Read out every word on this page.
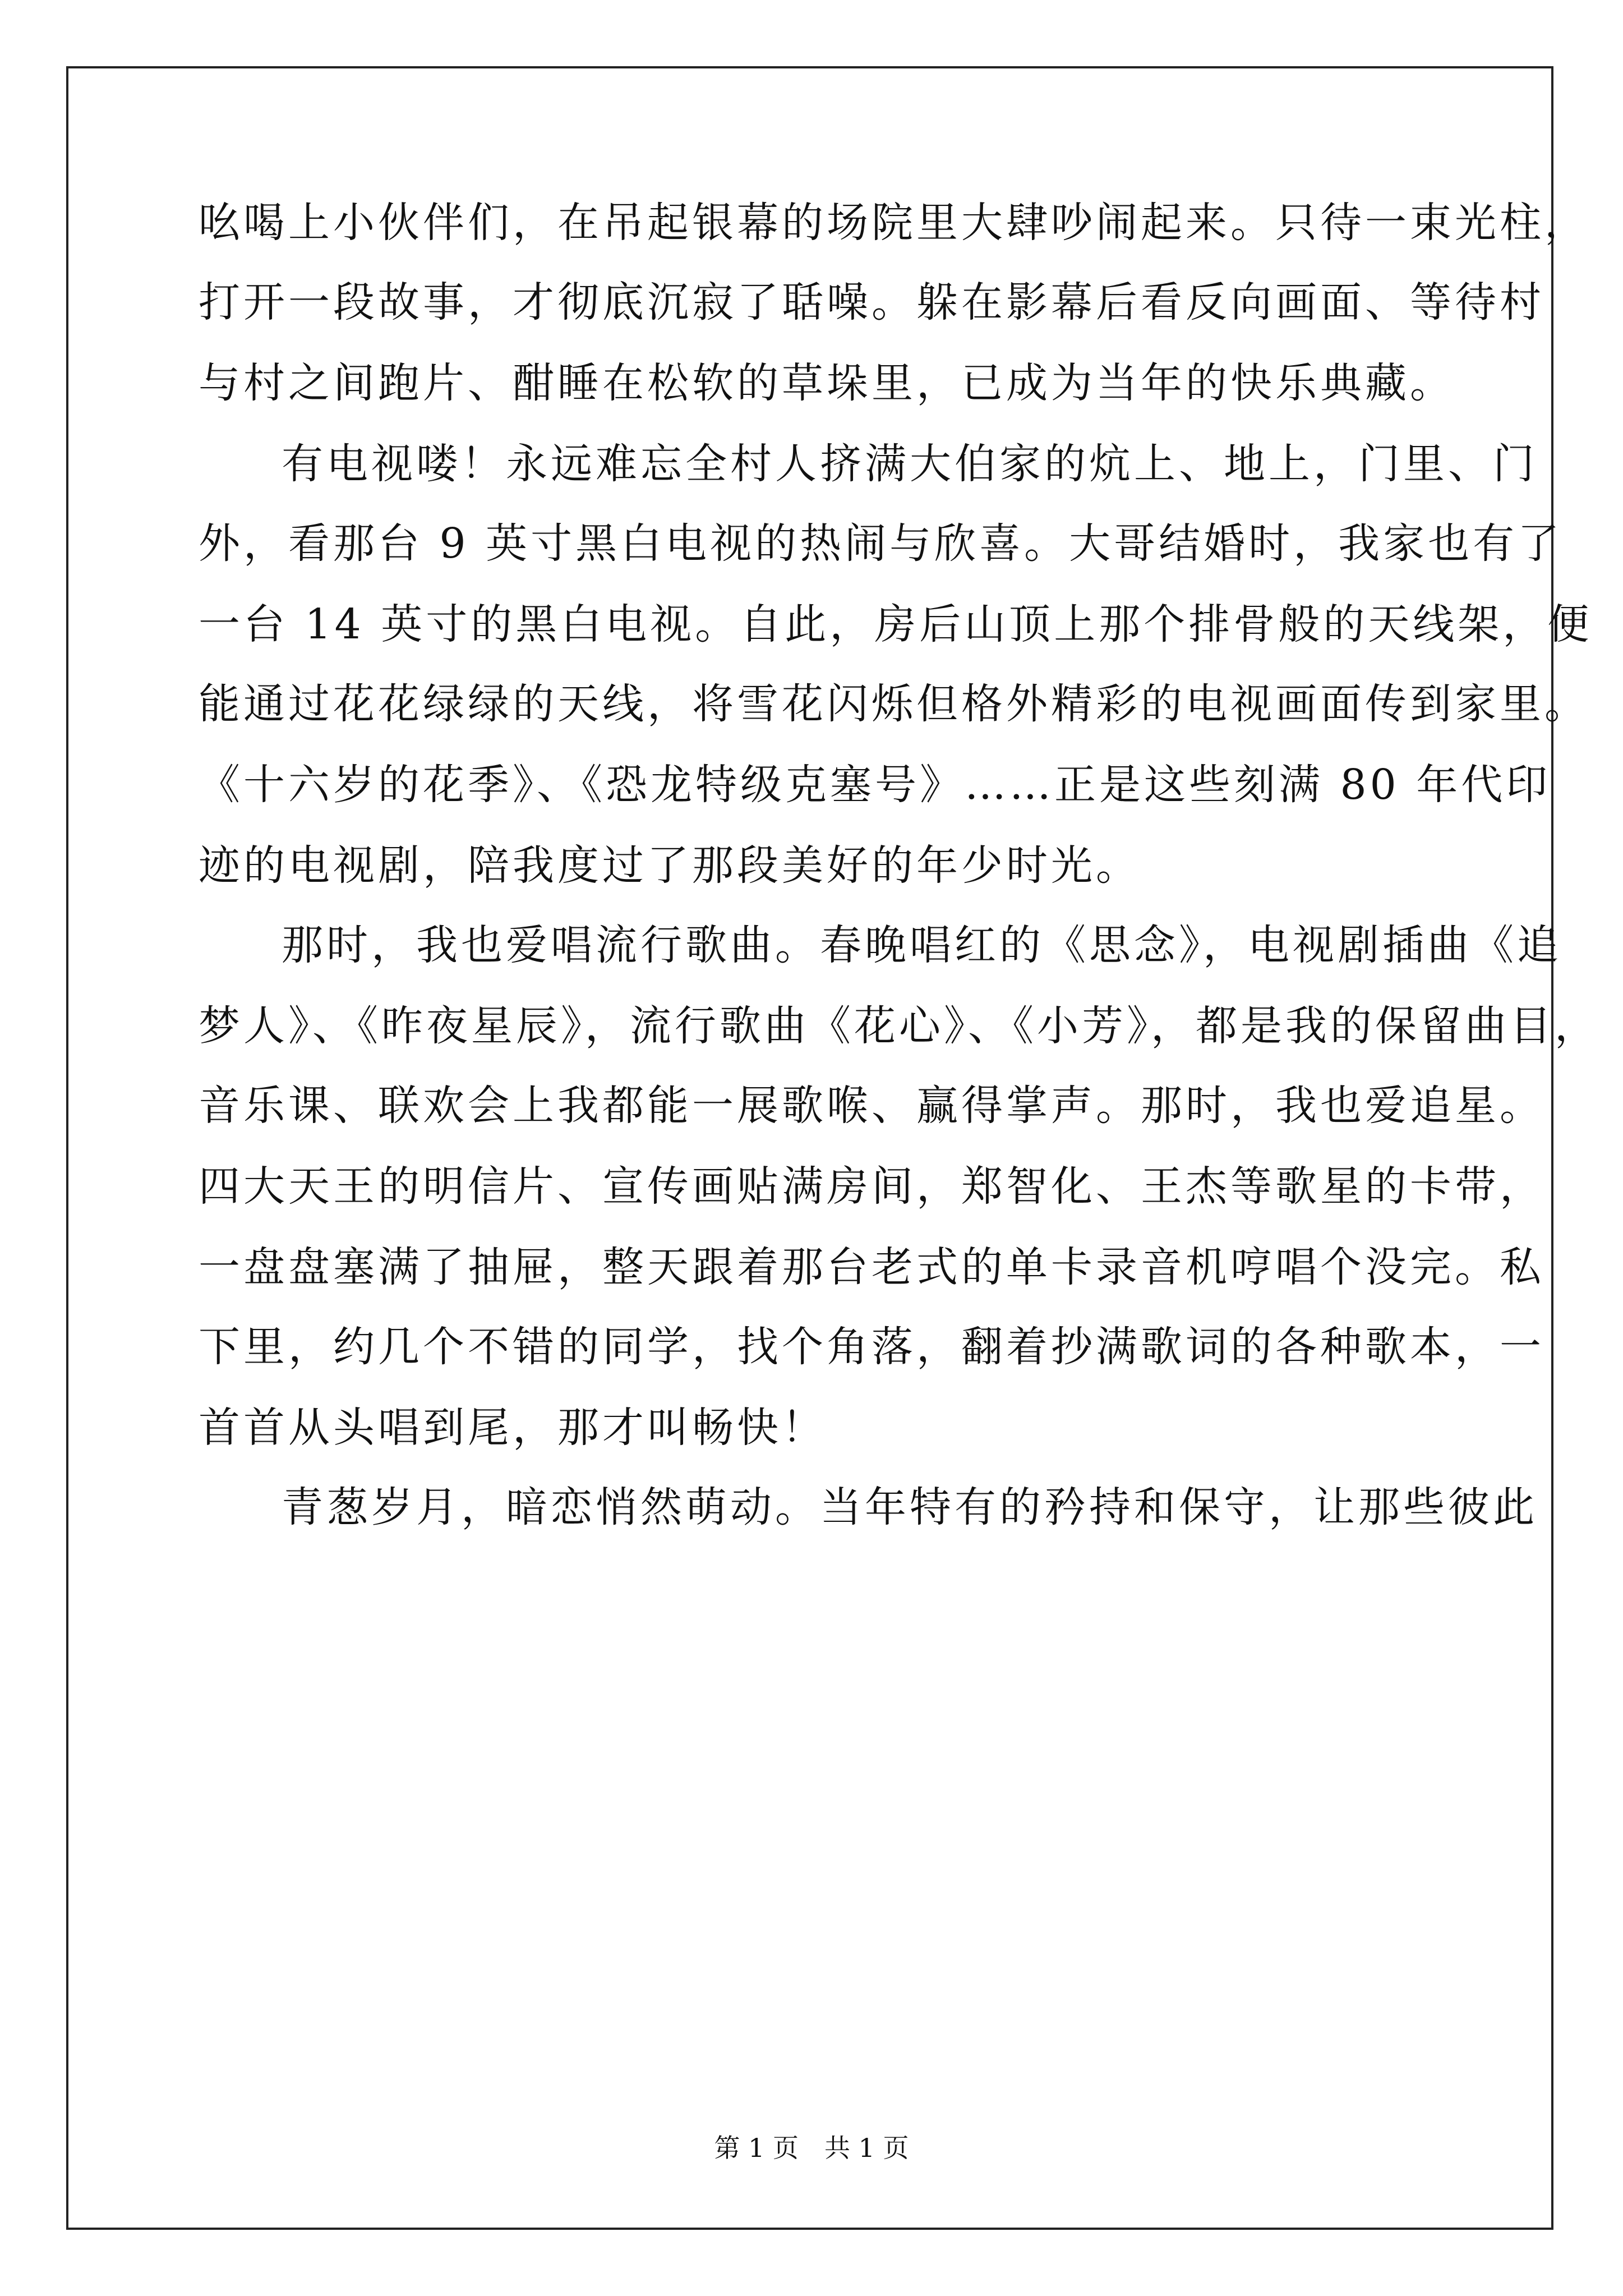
吆喝上小伙伴们，在吊起银幕的场院里大肆吵闹起来。只待一束光柱，
打开一段故事，才彻底沉寂了聒噪。躲在影幕后看反向画面、等待村
与村之间跑片、酣睡在松软的草垛里，已成为当年的快乐典藏。
有电视喽！永远难忘全村人挤满大伯家的炕上、地上，门里、门
外，看那台 9 英寸黑白电视的热闹与欣喜。大哥结婚时，我家也有了
一台 14 英寸的黑白电视。自此，房后山顶上那个排骨般的天线架，便
能通过花花绿绿的天线，将雪花闪烁但格外精彩的电视画面传到家里。
《十六岁的花季》、《恐龙特级克塞号》……正是这些刻满 80 年代印
迹的电视剧，陪我度过了那段美好的年少时光。
那时，我也爱唱流行歌曲。春晚唱红的《思念》，电视剧插曲《追
梦人》、《昨夜星辰》，流行歌曲《花心》、《小芳》，都是我的保留曲目，
音乐课、联欢会上我都能一展歌喉、赢得掌声。那时，我也爱追星。
四大天王的明信片、宣传画贴满房间，郑智化、王杰等歌星的卡带，
一盘盘塞满了抽屉，整天跟着那台老式的单卡录音机哼唱个没完。私
下里，约几个不错的同学，找个角落，翻着抄满歌词的各种歌本，一
首首从头唱到尾，那才叫畅快！
青葱岁月，暗恋悄然萌动。当年特有的矜持和保守，让那些彼此
第 1 页　共 1 页
